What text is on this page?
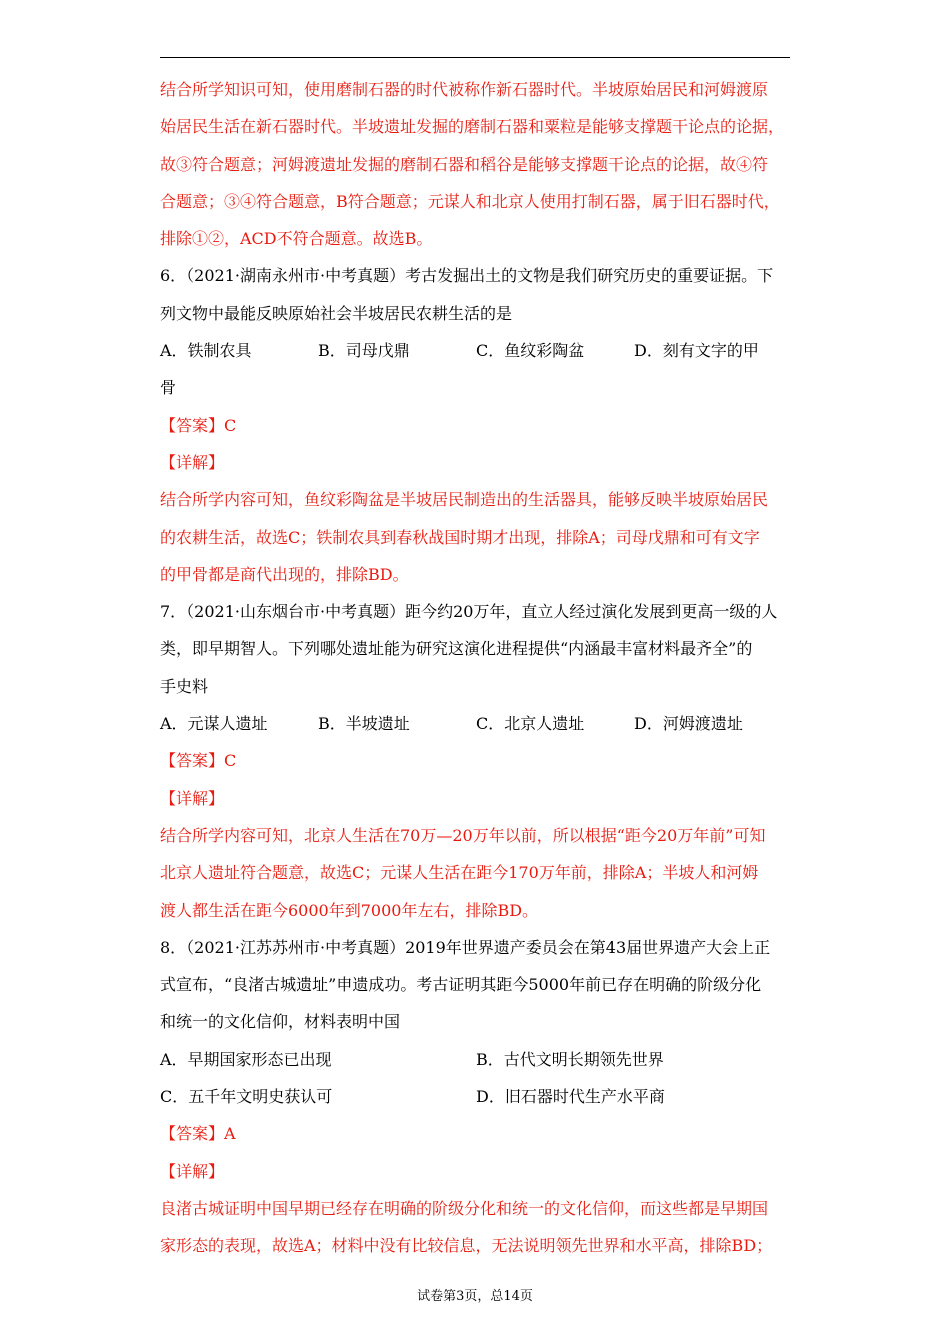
结合所学知识可知，使用磨制石器的时代被称作新石器时代。半坡原始居民和河姆渡原

始居民生活在新石器时代。半坡遗址发掘的磨制石器和粟粒是能够支撑题干论点的论据，

故③符合题意；河姆渡遗址发掘的磨制石器和稻谷是能够支撑题干论点的论据，故④符

合题意；③④符合题意，B符合题意；元谋人和北京人使用打制石器，属于旧石器时代，

排除①②，ACD不符合题意。故选B。

6．（2021·湖南永州市·中考真题）考古发掘出土的文物是我们研究历史的重要证据。下

列文物中最能反映原始社会半坡居民农耕生活的是

A．铁制农具	B．司母戊鼎	C．鱼纹彩陶盆	D．刻有文字的甲

骨

【答案】C

【详解】

结合所学内容可知，鱼纹彩陶盆是半坡居民制造出的生活器具，能够反映半坡原始居民

的农耕生活，故选C；铁制农具到春秋战国时期才出现，排除A；司母戊鼎和可有文字

的甲骨都是商代出现的，排除BD。

7．（2021·山东烟台市·中考真题）距今约20万年，直立人经过演化发展到更高一级的人

类，即早期智人。下列哪处遗址能为研究这演化进程提供“内涵最丰富材料最齐全”的

手史料

A．元谋人遗址	B．半坡遗址	C．北京人遗址	D．河姆渡遗址

【答案】C

【详解】

结合所学内容可知，北京人生活在70万—20万年以前，所以根据“距今20万年前”可知

北京人遗址符合题意，故选C；元谋人生活在距今170万年前，排除A；半坡人和河姆

渡人都生活在距今6000年到7000年左右，排除BD。

8．（2021·江苏苏州市·中考真题）2019年世界遗产委员会在第43届世界遗产大会上正

式宣布，“良渚古城遗址”申遗成功。考古证明其距今5000年前已存在明确的阶级分化

和统一的文化信仰，材料表明中国

A．早期国家形态已出现	B．古代文明长期领先世界
C．五千年文明史获认可	D．旧石器时代生产水平商

【答案】A

【详解】

良渚古城证明中国早期已经存在明确的阶级分化和统一的文化信仰，而这些都是早期国

家形态的表现，故选A；材料中没有比较信息，无法说明领先世界和水平高，排除BD；

试卷第3页，总14页
